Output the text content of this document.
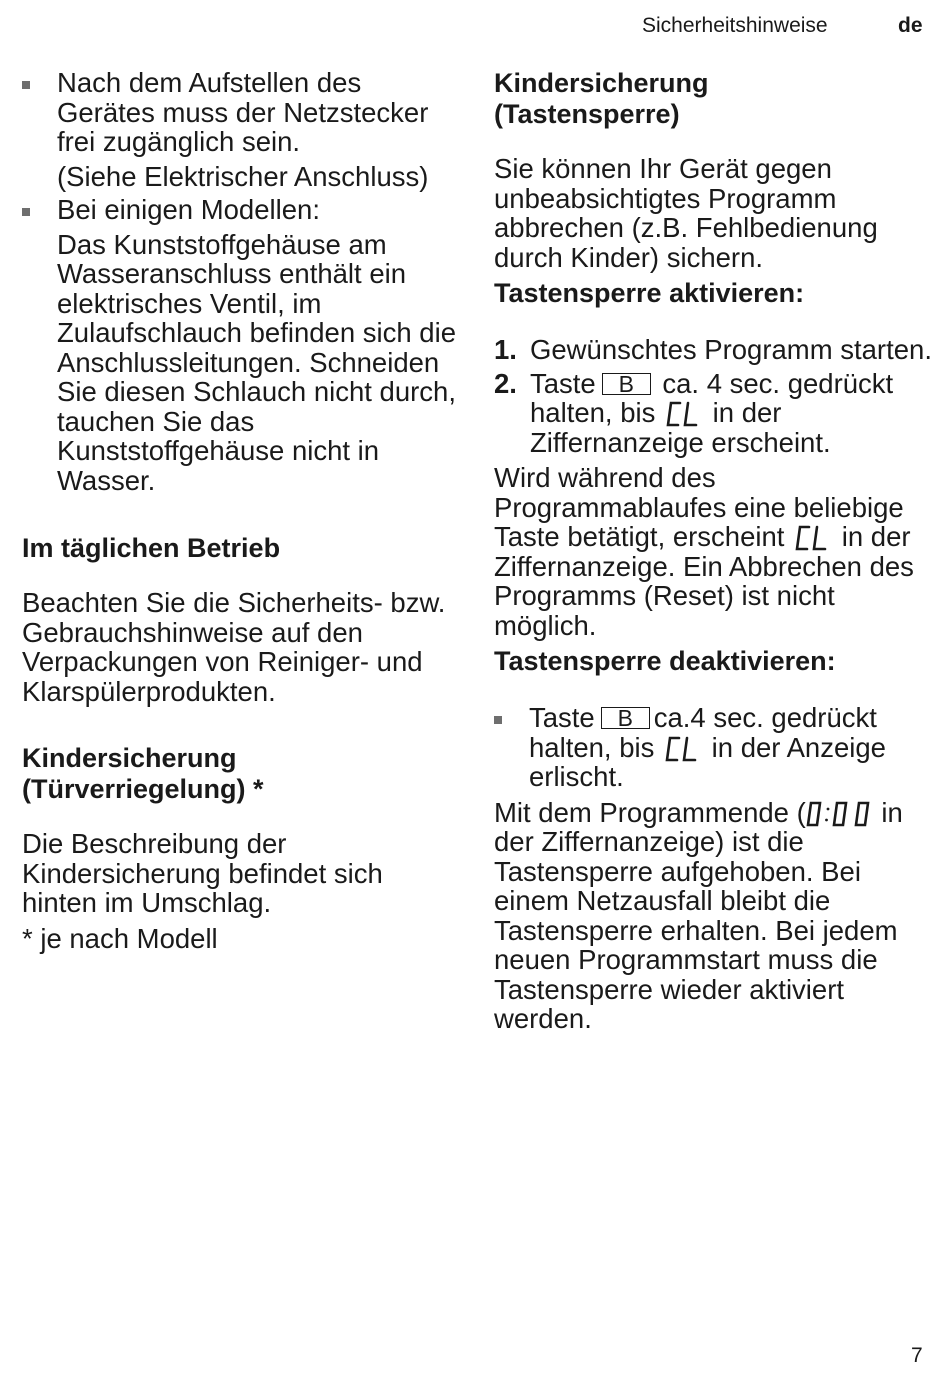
Sicherheitshinweise	de

Nach dem Aufstellen des Gerätes muss der Netzstecker frei zugänglich sein.

(Siehe Elektrischer Anschluss)

Bei einigen Modellen:

Das Kunststoffgehäuse am Wasseranschluss enthält ein elektrisches Ventil, im Zulaufschlauch befinden sich die Anschlussleitungen. Schneiden Sie diesen Schlauch nicht durch, tauchen Sie das Kunststoffgehäuse nicht in Wasser.

Im täglichen Betrieb

Beachten Sie die Sicherheits- bzw. Gebrauchshinweise auf den Verpackungen von Reiniger- und Klarspülerprodukten.

Kindersicherung
(Türverriegelung) *

Die Beschreibung der Kindersicherung befindet sich hinten im Umschlag.

* je nach Modell

Kindersicherung
(Tastensperre)

Sie können Ihr Gerät gegen unbeabsichtigtes Programm abbrechen (z.B. Fehlbedienung durch Kinder) sichern.

Tastensperre aktivieren:
1. Gewünschtes Programm starten.
2. Taste B ca. 4 sec. gedrückt halten, bis in der Ziffernanzeige erscheint.

Wird während des Programmablaufes eine beliebige Taste betätigt, erscheint in der Ziffernanzeige. Ein Abbrechen des Programms (Reset) ist nicht möglich.

Tastensperre deaktivieren:
Taste B ca.4 sec. gedrückt halten, bis in der Anzeige erlischt.

Mit dem Programmende (	in der Ziffernanzeige) ist die Tastensperre aufgehoben. Bei einem Netzausfall bleibt die Tastensperre erhalten. Bei jedem neuen Programmstart muss die Tastensperre wieder aktiviert werden.

7
